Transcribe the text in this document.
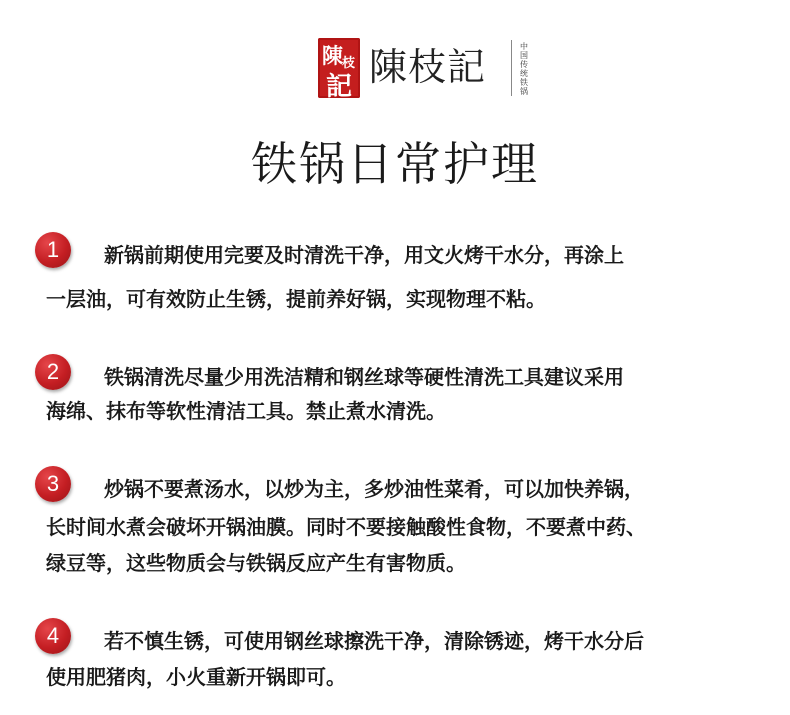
陳 枝
記 陳枝記	中国传统铁锅
铁锅日常护理
1	新锅前期使用完要及时清洗干净，用文火烤干水分，再涂上
一层油，可有效防止生锈，提前养好锅，实现物理不粘。
2	铁锅清洗尽量少用洗洁精和钢丝球等硬性清洗工具建议采用
海绵、抹布等软性清洁工具。禁止煮水清洗。
3	炒锅不要煮汤水，以炒为主，多炒油性菜肴，可以加快养锅，
长时间水煮会破坏开锅油膜。同时不要接触酸性食物，不要煮中药、
绿豆等，这些物质会与铁锅反应产生有害物质。
4	若不慎生锈，可使用钢丝球擦洗干净，清除锈迹，烤干水分后
使用肥猪肉，小火重新开锅即可。
